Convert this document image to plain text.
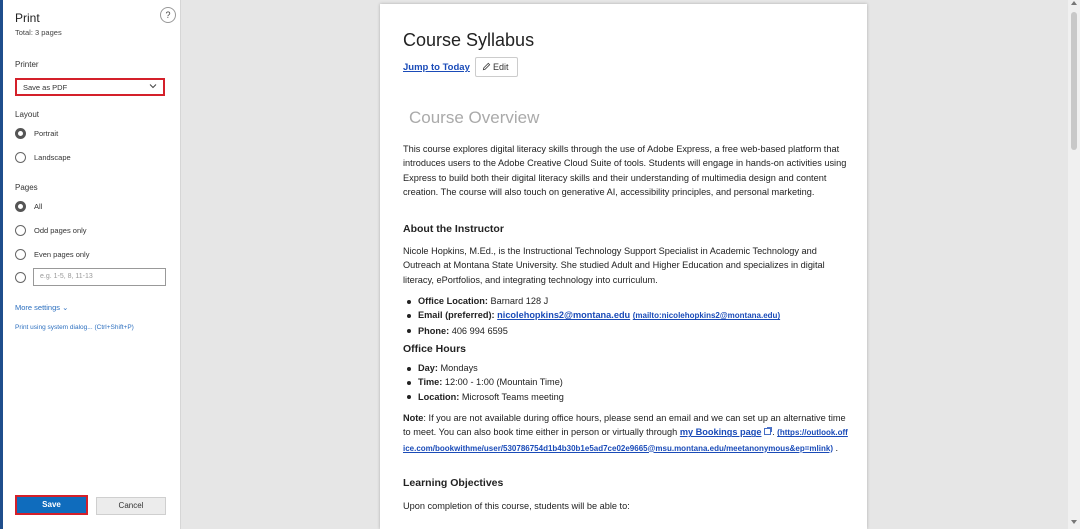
Print
Total: 3 pages
?
Printer
Save as PDF
Layout
Portrait
Landscape
Pages
All
Odd pages only
Even pages only
e.g. 1-5, 8, 11-13
More settings ⌄
Print using system dialog... (Ctrl+Shift+P)
Save	Cancel
Course Syllabus
Jump to Today	Edit
Course Overview

This course explores digital literacy skills through the use of Adobe Express, a free web-based platform that introduces users to the Adobe Creative Cloud Suite of tools. Students will engage in hands-on activities using Express to build both their digital literacy skills and their understanding of multimedia design and content creation. The course will also touch on generative AI, accessibility principles, and personal marketing.

About the Instructor

Nicole Hopkins, M.Ed., is the Instructional Technology Support Specialist in Academic Technology and Outreach at Montana State University. She studied Adult and Higher Education and specializes in digital literacy, ePortfolios, and integrating technology into curriculum.

Office Location: Barnard 128 J
Email (preferred): nicolehopkins2@montana.edu (mailto:nicolehopkins2@montana.edu)
Phone: 406 994 6595
Office Hours
Day: Mondays
Time: 12:00 - 1:00 (Mountain Time)
Location: Microsoft Teams meeting

Note: If you are not available during office hours, please send an email and we can set up an alternative time to meet. You can also book time either in person or virtually through my Bookings page . (https://outlook.office.com/bookwithme/user/530786754d1b4b30b1e5ad7ce02e9665@msu.montana.edu/meetanonymous&ep=mlink) .

Learning Objectives

Upon completion of this course, students will be able to:
